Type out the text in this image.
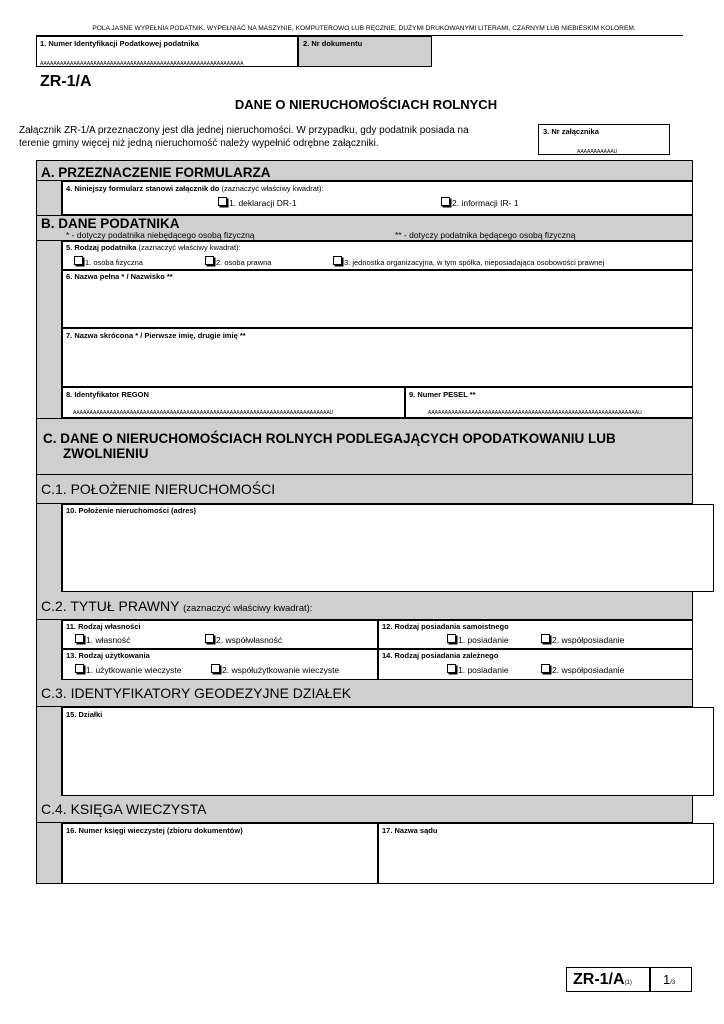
POLA JASNE WYPEŁNIA PODATNIK. WYPEŁNIAĆ NA MASZYNIE, KOMPUTEROWO LUB RĘCZNIE, DUŻYMI DRUKOWANYMI LITERAMI, CZARNYM LUB NIEBIESKIM KOLOREM.
1. Numer Identyfikacji Podatkowej podatnika
ÅÅÅÅÅÅÅÅÅÅÅÅÅÅÅÅÅÅÅÅÅÅÅÅÅÅÅÅÅÅÅÅÅÅÅÅÅÅÅÅÅÅÅÅÅÅÅÅÅÅÅÅÅÅÅÅÅÅÅÅÅ
2. Nr dokumentu
ZR-1/A
DANE O NIERUCHOMOŚCIACH ROLNYCH
Załącznik ZR-1/A przeznaczony jest dla jednej nieruchomości. W przypadku, gdy podatnik posiada na
terenie gminy więcej niż jedną nieruchomość należy wypełnić odrębne załączniki.
3. Nr załącznika
ÅÅÅÅÅÅÅÅÅÅÅÚ
A. PRZEZNACZENIE FORMULARZA
4. Niniejszy formularz stanowi załącznik do (zaznaczyć właściwy kwadrat):
1. deklaracji DR-1	2. informacji IR- 1
B. DANE PODATNIKA
* - dotyczy podatnika niebędącego osobą fizyczną	** - dotyczy podatnika będącego osobą fizyczną
5. Rodzaj podatnika (zaznaczyć właściwy kwadrat):
1. osoba fizyczna	2. osoba prawna	3. jednostka organizacyjna, w tym spółka, nieposiadająca osobowości prawnej
6. Nazwa pełna * / Nazwisko **
7. Nazwa skrócona * / Pierwsze imię, drugie imię **
8. Identyfikator REGON
ÅÅÅÅÅÅÅÅÅÅÅÅÅÅÅÅÅÅÅÅÅÅÅÅÅÅÅÅÅÅÅÅÅÅÅÅÅÅÅÅÅÅÅÅÅÅÅÅÅÅÅÅÅÅÅÅÅÅÅÅÅÅÅÅÅÅÅÅÅÅÅÅÅÅÅÅÅÚ
9. Numer PESEL **
ÅÅÅÅÅÅÅÅÅÅÅÅÅÅÅÅÅÅÅÅÅÅÅÅÅÅÅÅÅÅÅÅÅÅÅÅÅÅÅÅÅÅÅÅÅÅÅÅÅÅÅÅÅÅÅÅÅÅÅÅÅÅÅÚ
C. DANE O NIERUCHOMOŚCIACH ROLNYCH PODLEGAJĄCYCH OPODATKOWANIU LUB
ZWOLNIENIU
C.1. POŁOŻENIE NIERUCHOMOŚCI
10. Położenie nieruchomości (adres)
C.2. TYTUŁ PRAWNY (zaznaczyć właściwy kwadrat):
11. Rodzaj własności
1. własność	2. współwłasność
12. Rodzaj posiadania samoistnego
1. posiadanie	2. współposiadanie
13. Rodzaj użytkowania
1. użytkowanie wieczyste	2. współużytkowanie wieczyste
14. Rodzaj posiadania zależnego
1. posiadanie	2. współposiadanie
C.3. IDENTYFIKATORY GEODEZYJNE DZIAŁEK
15. Działki
C.4. KSIĘGA WIECZYSTA
16. Numer księgi wieczystej (zbioru dokumentów)	17. Nazwa sądu
ZR-1/A(1) 1/3
